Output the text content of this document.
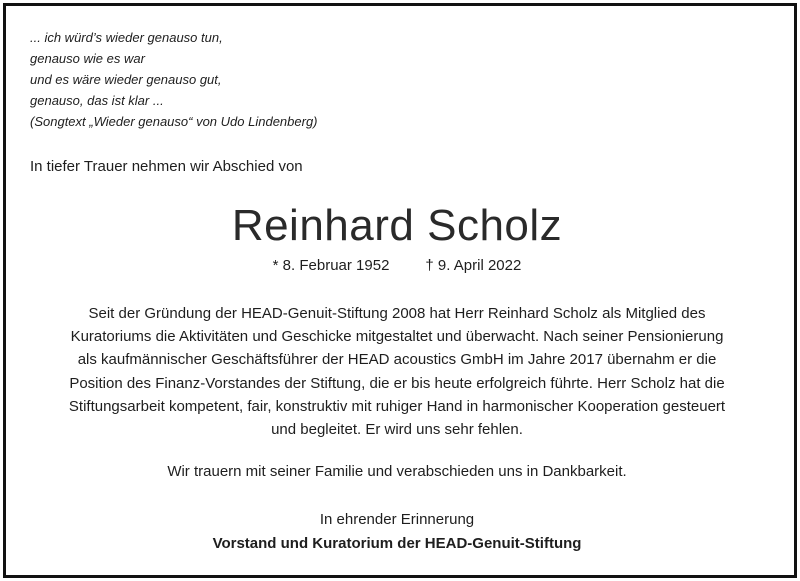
... ich würd’s wieder genauso tun,
genauso wie es war
und es wäre wieder genauso gut,
genauso, das ist klar ...
(Songtext „Wieder genauso“ von Udo Lindenberg)
In tiefer Trauer nehmen wir Abschied von
Reinhard Scholz
* 8. Februar 1952 † 9. April 2022
Seit der Gründung der HEAD-Genuit-Stiftung 2008 hat Herr Reinhard Scholz als Mitglied des
Kuratoriums die Aktivitäten und Geschicke mitgestaltet und überwacht. Nach seiner Pensionierung
als kaufmännischer Geschäftsführer der HEAD acoustics GmbH im Jahre 2017 übernahm er die
Position des Finanz-Vorstandes der Stiftung, die er bis heute erfolgreich führte. Herr Scholz hat die
Stiftungsarbeit kompetent, fair, konstruktiv mit ruhiger Hand in harmonischer Kooperation gesteuert
und begleitet. Er wird uns sehr fehlen.
Wir trauern mit seiner Familie und verabschieden uns in Dankbarkeit.
In ehrender Erinnerung
Vorstand und Kuratorium der HEAD-Genuit-Stiftung
